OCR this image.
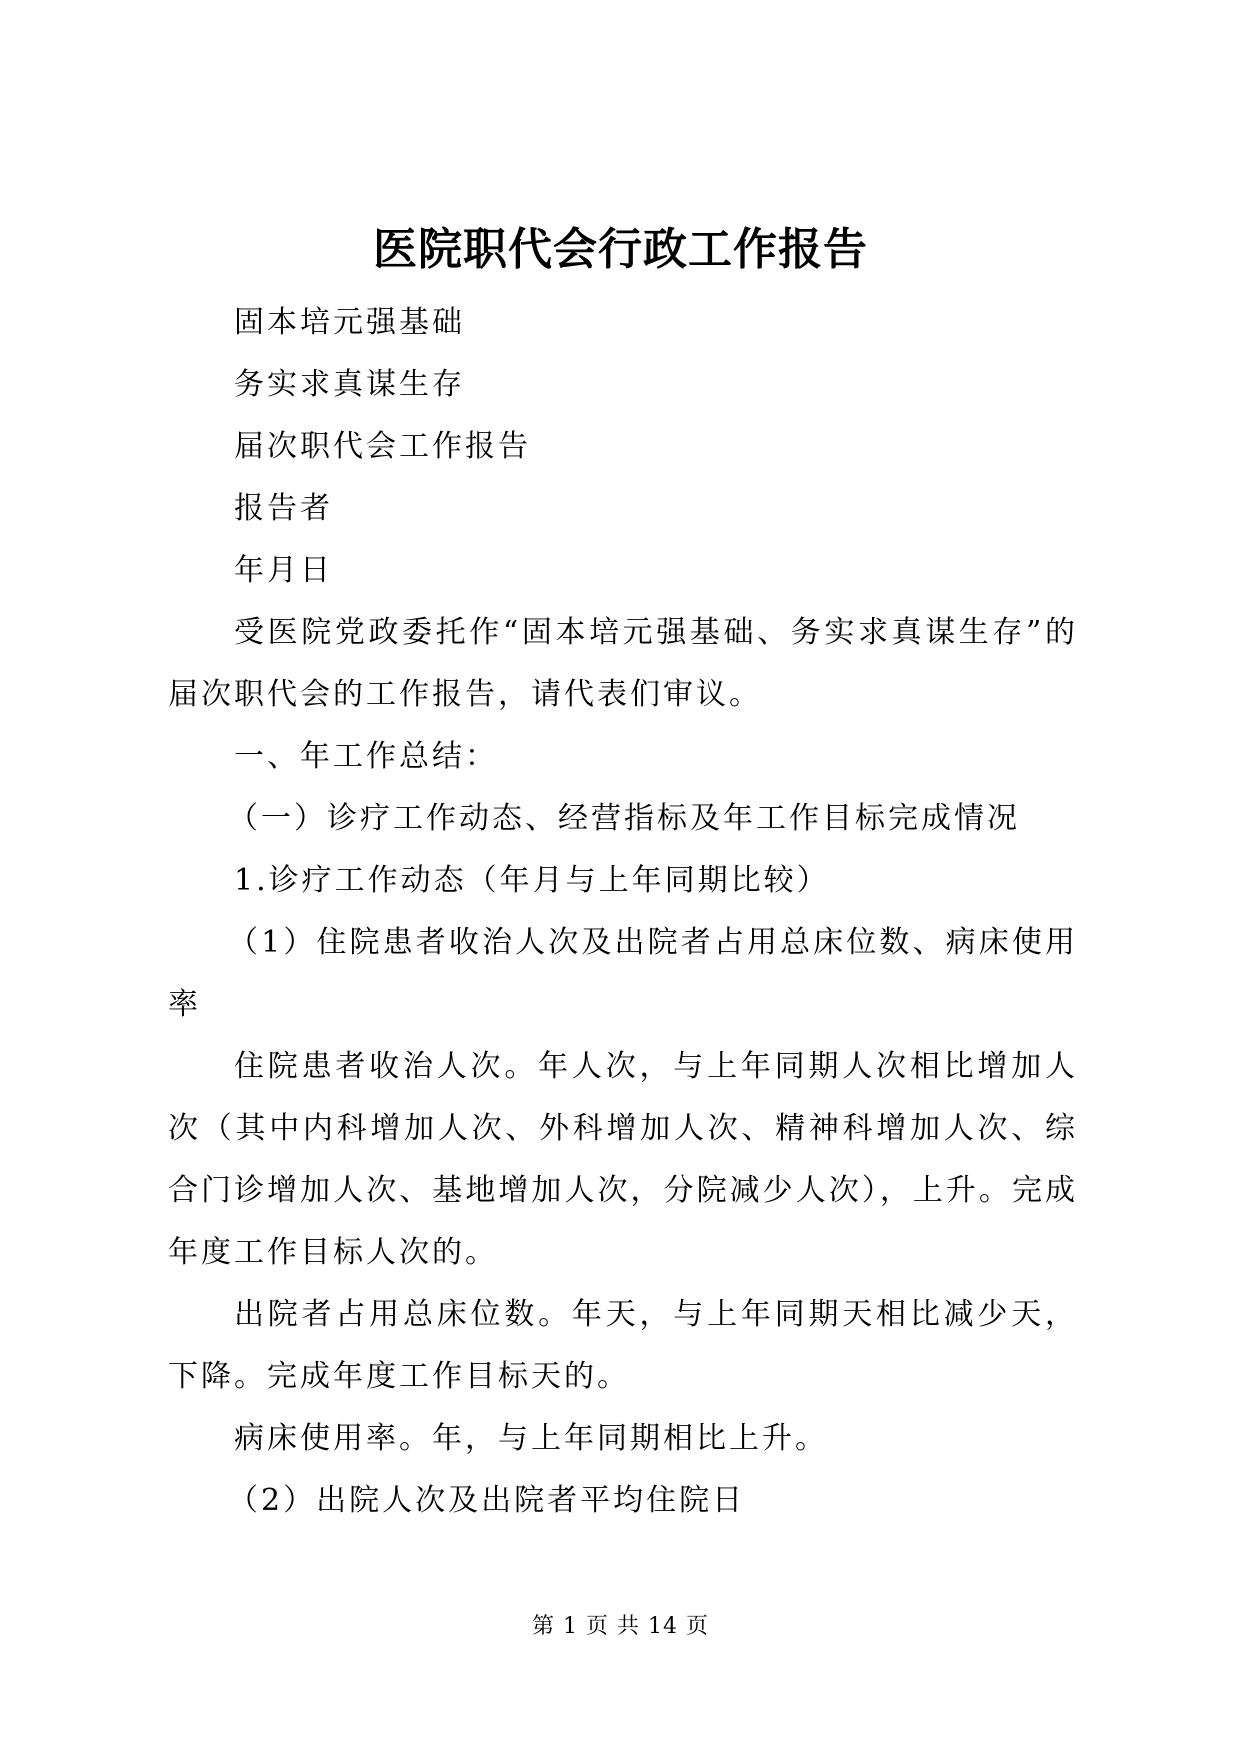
医院职代会行政工作报告

固本培元强基础

务实求真谋生存

届次职代会工作报告

报告者

年月日

受医院党政委托作“固本培元强基础、务实求真谋生存”的届次职代会的工作报告，请代表们审议。

一、年工作总结：

（一）诊疗工作动态、经营指标及年工作目标完成情况

1.诊疗工作动态（年月与上年同期比较）

（1）住院患者收治人次及出院者占用总床位数、病床使用率

住院患者收治人次。年人次，与上年同期人次相比增加人次（其中内科增加人次、外科增加人次、精神科增加人次、综合门诊增加人次、基地增加人次，分院减少人次），上升。完成年度工作目标人次的。

出院者占用总床位数。年天，与上年同期天相比减少天，下降。完成年度工作目标天的。

病床使用率。年，与上年同期相比上升。

（2）出院人次及出院者平均住院日

第 1 页 共 14 页
